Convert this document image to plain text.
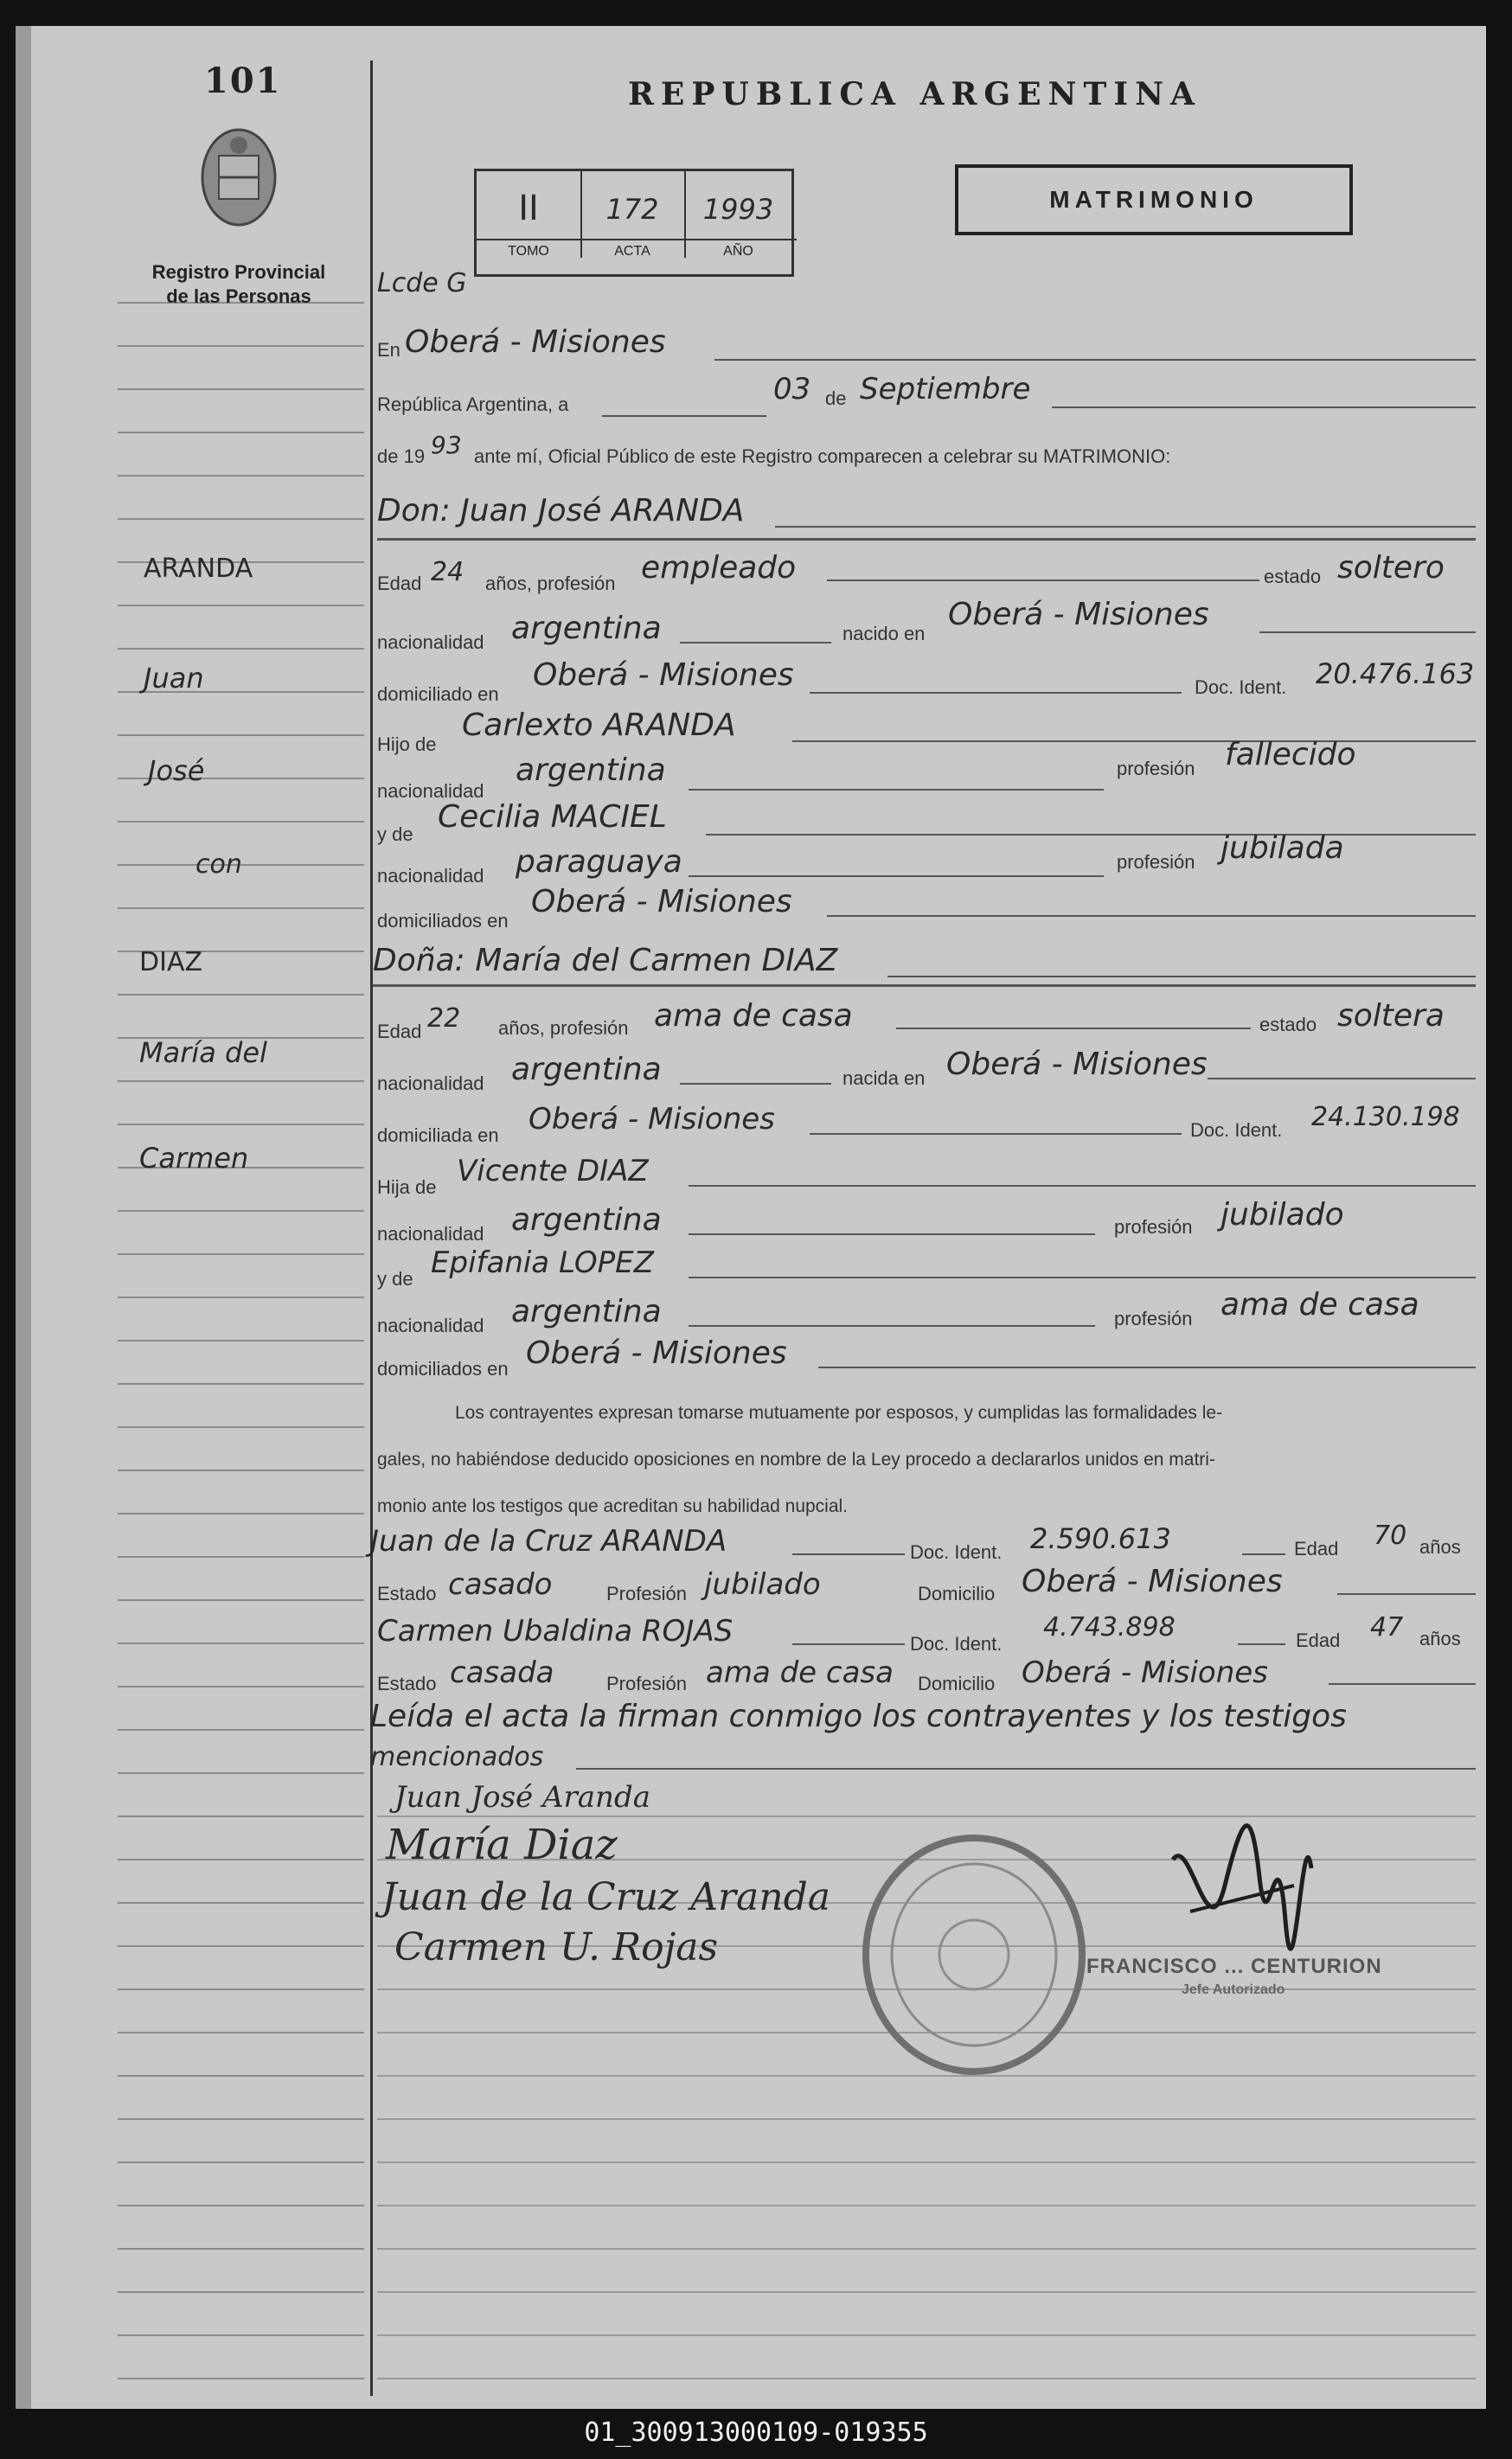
101
Registro Provincial
de las Personas
REPUBLICA ARGENTINA
MATRIMONIO
Lcde G
II	172	1993
TOMO	ACTA	AÑO
ARANDA
Juan
José
con
DIAZ
María del
Carmen
En Oberá - Misiones
República Argentina, a	03 de Septiembre
de 19 93 ante mí, Oficial Público de este Registro comparecen a celebrar su MATRIMONIO:
Don: Juan José ARANDA
Edad 24 años, profesión empleado	estado soltero
nacionalidad argentina	nacido en
Oberá - Misiones
domiciliado en
Oberá - Misiones	Doc. Ident. 20.476.163
Hijo de
Carlexto ARANDA
nacionalidad
argentina	profesión fallecido
y de Cecilia MACIEL
nacionalidad paraguaya	profesión jubilada
domiciliados en
Oberá - Misiones
Doña: María del Carmen DIAZ
Edad 22 años, profesión ama de casa	estado soltera
nacionalidad argentina	nacida en Oberá - Misiones
domiciliada en Oberá - Misiones	Doc. Ident. 24.130.198
Hija de Vicente DIAZ
nacionalidad argentina	profesión jubilado
y de Epifania LOPEZ
nacionalidad argentina	profesión ama de casa
domiciliados en Oberá - Misiones
Los contrayentes expresan tomarse mutuamente por esposos, y cumplidas las formalidades le-
gales, no habiéndose deducido oposiciones en nombre de la Ley procedo a declararlos unidos en matri-
monio ante los testigos que acreditan su habilidad nupcial.
Juan de la Cruz ARANDA	Doc. Ident. 2.590.613	Edad 70 años
Estado casado	Profesión jubilado	Domicilio Oberá - Misiones
Carmen Ubaldina ROJAS	Doc. Ident.
4.743.898	Edad 47 años
Estado casada	Profesión ama de casa Domicilio Oberá - Misiones
Leída el acta la firman conmigo los contrayentes y los testigos
mencionados
Juan José Aranda
María Diaz
Juan de la Cruz Aranda
Carmen U. Rojas	FRANCISCO ... CENTURION
Jefe Autorizado
01_300913000109-019355
